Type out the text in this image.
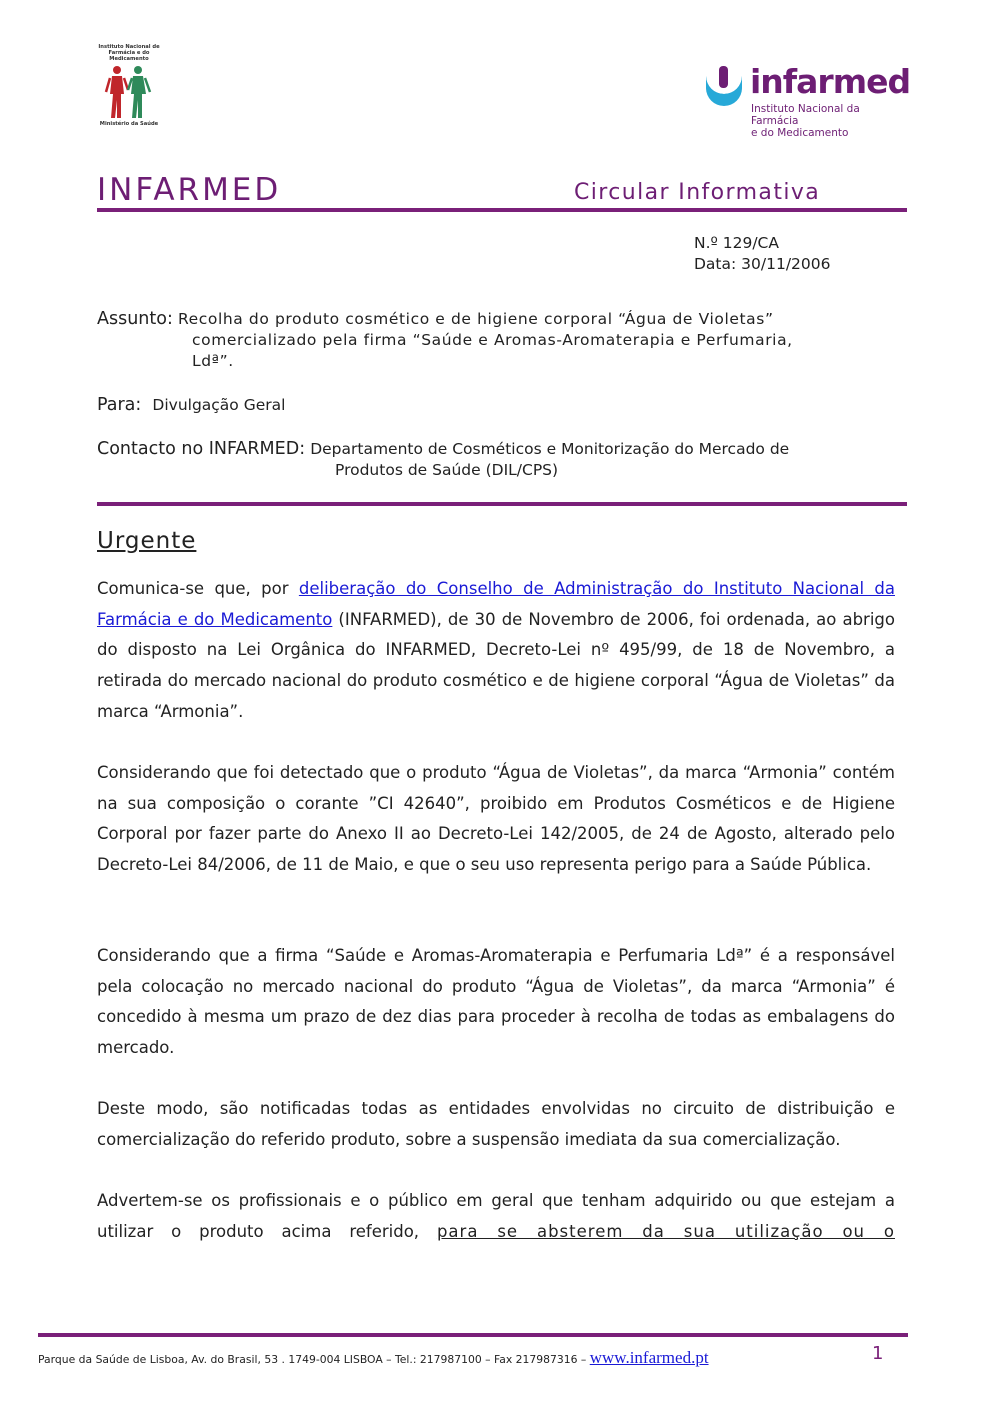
Instituto Nacional de Farmácia e do Medicamento
Ministério da Saúde
infarmed
Instituto Nacional da Farmácia
e do Medicamento
INFARMED	Circular Informativa
N.º 129/CA
Data: 30/11/2006
Assunto: Recolha do produto cosmético e de higiene corporal “Água de Violetas”
comercializado pela firma “Saúde e Aromas-Aromaterapia e Perfumaria,
Ldª”.
Para: Divulgação Geral
Contacto no INFARMED: Departamento de Cosméticos e Monitorização do Mercado de
Produtos de Saúde (DIL/CPS)
Urgente

Comunica-se que, por deliberação do Conselho de Administração do Instituto Nacional da Farmácia e do Medicamento (INFARMED), de 30 de Novembro de 2006, foi ordenada, ao abrigo do disposto na Lei Orgânica do INFARMED, Decreto-Lei nº 495/99, de 18 de Novembro, a retirada do mercado nacional do produto cosmético e de higiene corporal “Água de Violetas” da marca “Armonia”.

Considerando que foi detectado que o produto “Água de Violetas”, da marca “Armonia” contém na sua composição o corante ”CI 42640”, proibido em Produtos Cosméticos e de Higiene Corporal por fazer parte do Anexo II ao Decreto-Lei 142/2005, de 24 de Agosto, alterado pelo Decreto-Lei 84/2006, de 11 de Maio, e que o seu uso representa perigo para a Saúde Pública.

Considerando que a firma “Saúde e Aromas-Aromaterapia e Perfumaria Ldª” é a responsável pela colocação no mercado nacional do produto “Água de Violetas”, da marca “Armonia” é concedido à mesma um prazo de dez dias para proceder à recolha de todas as embalagens do mercado.

Deste modo, são notificadas todas as entidades envolvidas no circuito de distribuição e comercialização do referido produto, sobre a suspensão imediata da sua comercialização.

Advertem-se os profissionais e o público em geral que tenham adquirido ou que estejam a utilizar o produto acima referido, para se absterem da sua utilização ou o

Parque da Saúde de Lisboa, Av. do Brasil, 53 . 1749-004 LISBOA – Tel.: 217987100 – Fax 217987316 – www.infarmed.pt	1
